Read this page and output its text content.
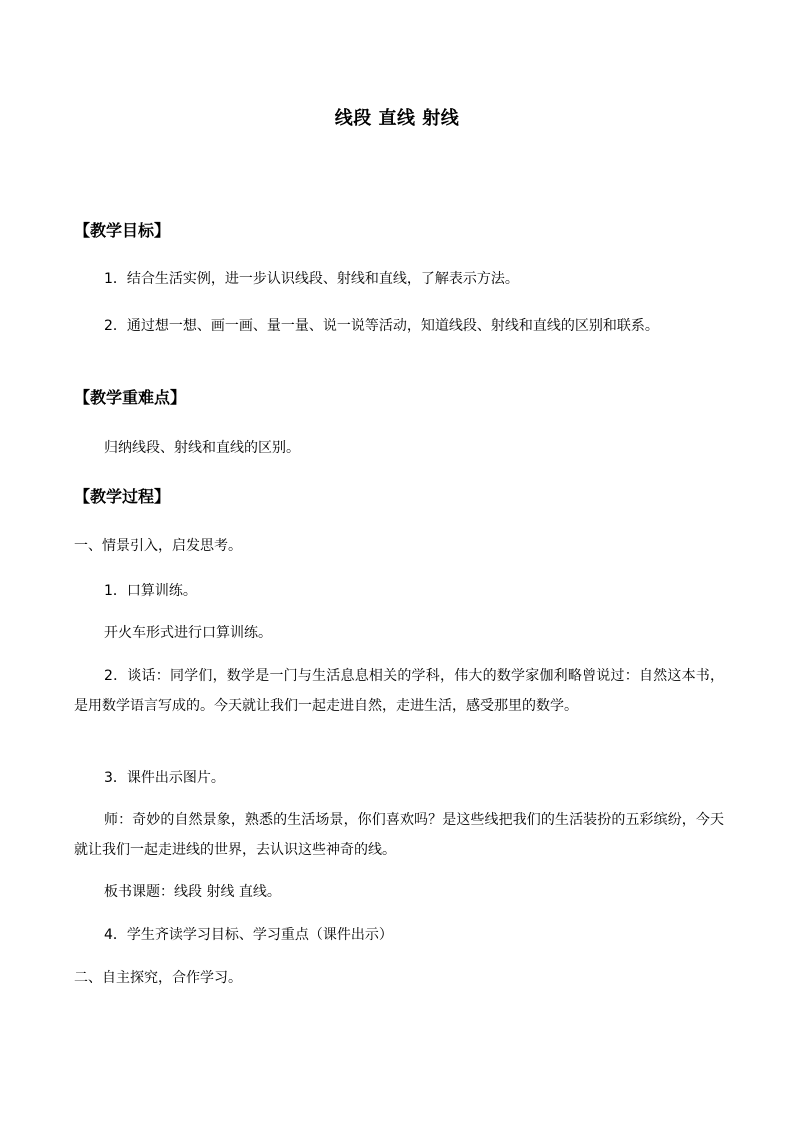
线段 直线 射线
【教学目标】
1．结合生活实例，进一步认识线段、射线和直线，了解表示方法。
2．通过想一想、画一画、量一量、说一说等活动，知道线段、射线和直线的区别和联系。
【教学重难点】
归纳线段、射线和直线的区别。
【教学过程】
一、情景引入，启发思考。
1．口算训练。
开火车形式进行口算训练。
2．谈话：同学们，数学是一门与生活息息相关的学科，伟大的数学家伽利略曾说过：自然这本书，是用数学语言写成的。今天就让我们一起走进自然，走进生活，感受那里的数学。
3．课件出示图片。
师：奇妙的自然景象，熟悉的生活场景，你们喜欢吗？是这些线把我们的生活装扮的五彩缤纷，今天就让我们一起走进线的世界，去认识这些神奇的线。
板书课题：线段 射线 直线。
4．学生齐读学习目标、学习重点（课件出示）
二、自主探究，合作学习。
